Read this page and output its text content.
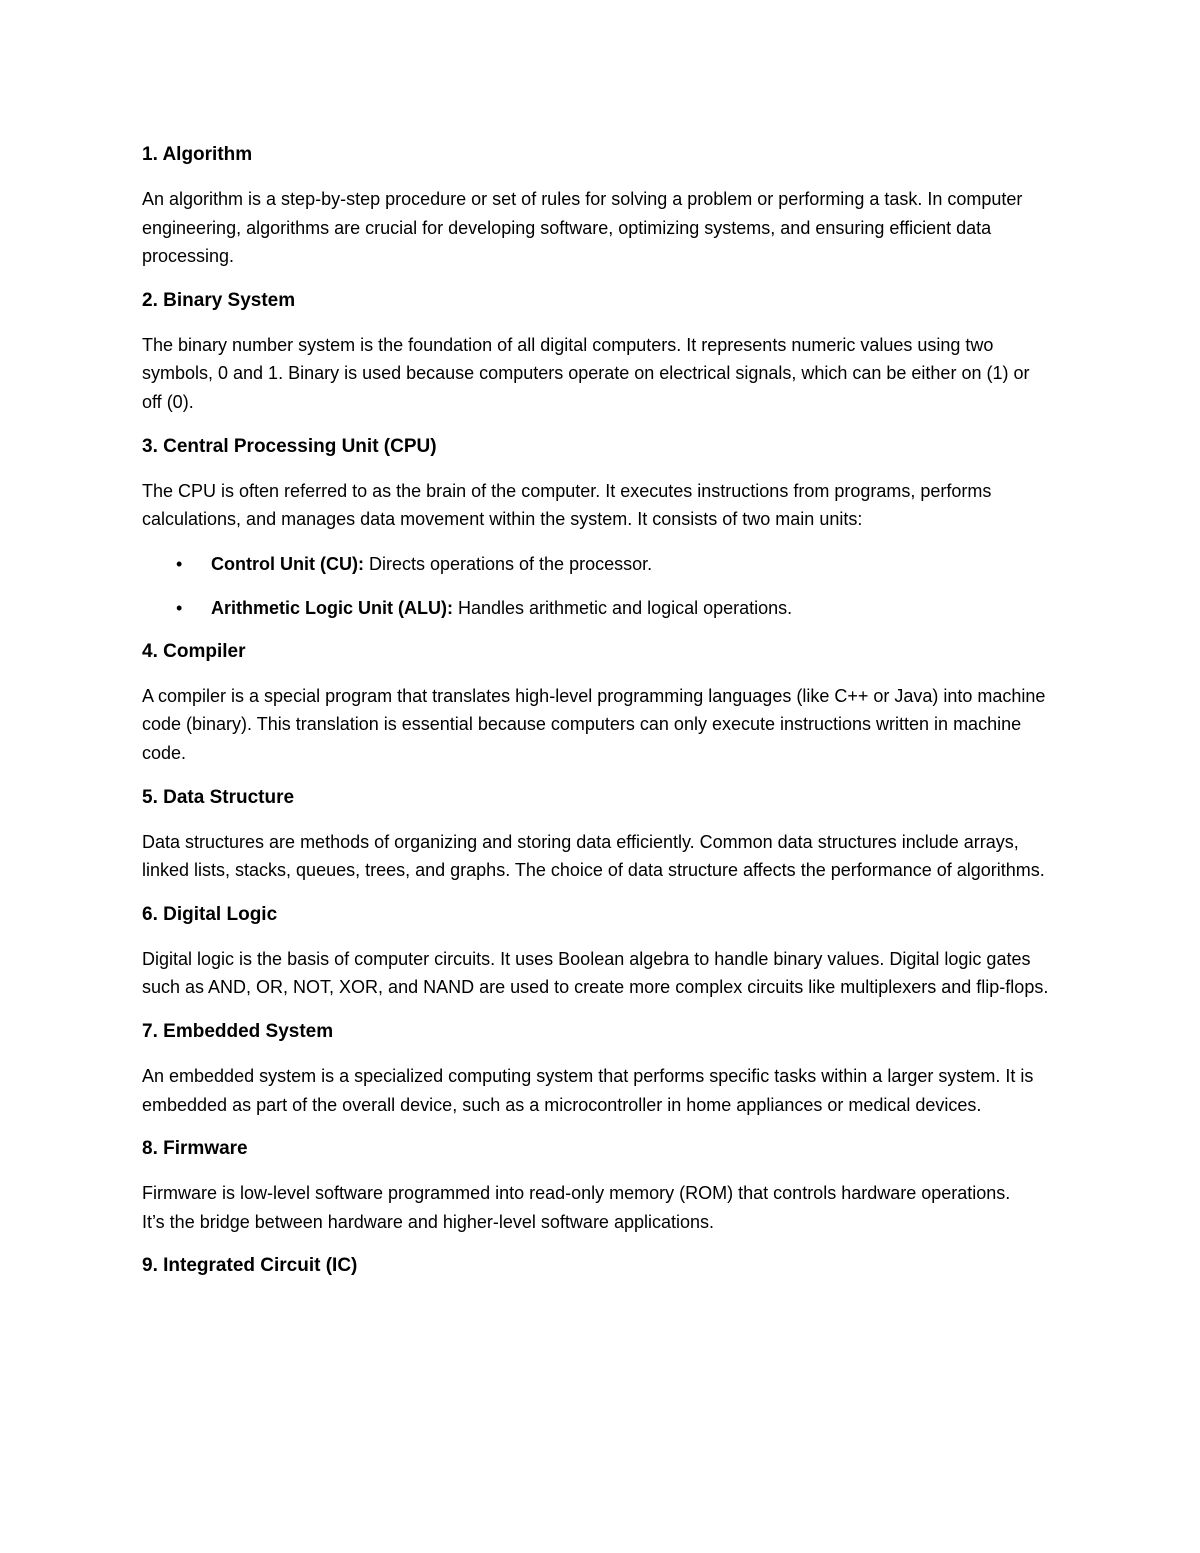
1. Algorithm

An algorithm is a step-by-step procedure or set of rules for solving a problem or performing a task. In computer engineering, algorithms are crucial for developing software, optimizing systems, and ensuring efficient data processing.

2. Binary System

The binary number system is the foundation of all digital computers. It represents numeric values using two symbols, 0 and 1. Binary is used because computers operate on electrical signals, which can be either on (1) or off (0).

3. Central Processing Unit (CPU)

The CPU is often referred to as the brain of the computer. It executes instructions from programs, performs calculations, and manages data movement within the system. It consists of two main units:

• Control Unit (CU): Directs operations of the processor.
• Arithmetic Logic Unit (ALU): Handles arithmetic and logical operations.
4. Compiler

A compiler is a special program that translates high-level programming languages (like C++ or Java) into machine code (binary). This translation is essential because computers can only execute instructions written in machine code.

5. Data Structure

Data structures are methods of organizing and storing data efficiently. Common data structures include arrays, linked lists, stacks, queues, trees, and graphs. The choice of data structure affects the performance of algorithms.

6. Digital Logic

Digital logic is the basis of computer circuits. It uses Boolean algebra to handle binary values. Digital logic gates such as AND, OR, NOT, XOR, and NAND are used to create more complex circuits like multiplexers and flip-flops.

7. Embedded System

An embedded system is a specialized computing system that performs specific tasks within a larger system. It is embedded as part of the overall device, such as a microcontroller in home appliances or medical devices.

8. Firmware

Firmware is low-level software programmed into read-only memory (ROM) that controls hardware operations. It’s the bridge between hardware and higher-level software applications.

9. Integrated Circuit (IC)
